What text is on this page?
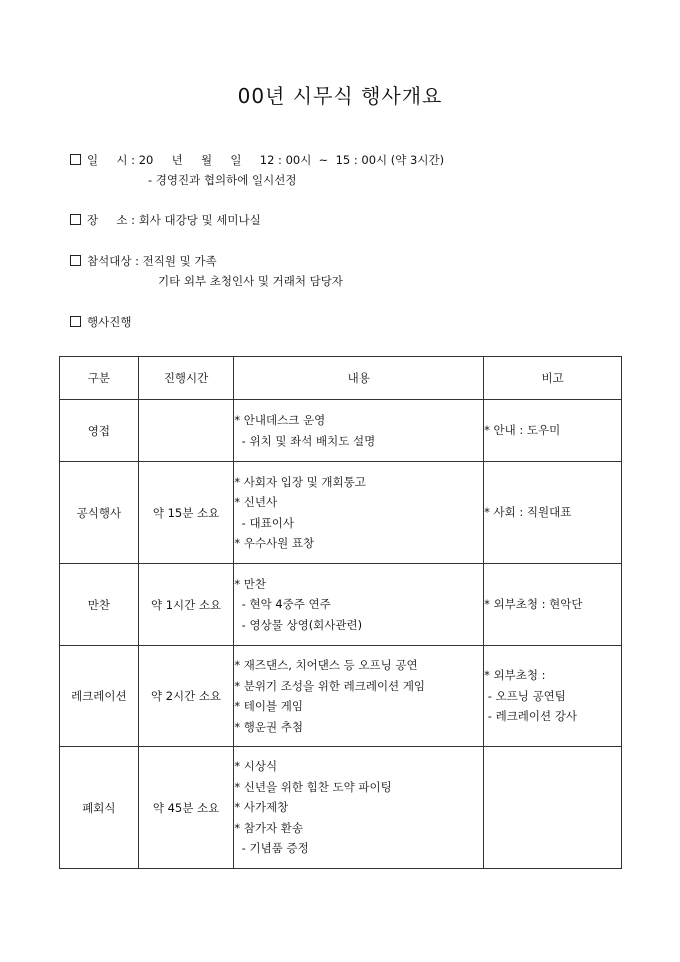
00년 시무식 행사개요
일     시 : 20     년     월     일     12 : 00시  ~  15 : 00시 (약 3시간)
- 경영진과 협의하에 일시선정
장     소 : 회사 대강당 및 세미나실
참석대상 : 전직원 및 가족
기타 외부 초청인사 및 거래처 담당자
행사진행
구분	진행시간	내용	비고
영접		* 안내데스크 운영
- 위치 및 좌석 배치도 설명	* 안내 : 도우미

공식행사	약 15분 소요	* 사회자 입장 및 개회통고
* 신년사
- 대표이사
* 우수사원 표창	* 사회 : 직원대표

만찬	약 1시간 소요	* 만찬
- 현악 4중주 연주
- 영상물 상영(회사관련)	* 외부초청 : 현악단

레크레이션	약 2시간 소요	* 재즈댄스, 치어댄스 등 오프닝 공연
* 분위기 조성을 위한 레크레이션 게임
* 테이블 게임
* 행운권 추첨	* 외부초청 :
- 오프닝 공연팀
- 레크레이션 강사

폐회식	약 45분 소요	* 시상식
* 신년을 위한 힘찬 도약 파이팅
* 사가제창
* 참가자 환송
- 기념품 증정	
